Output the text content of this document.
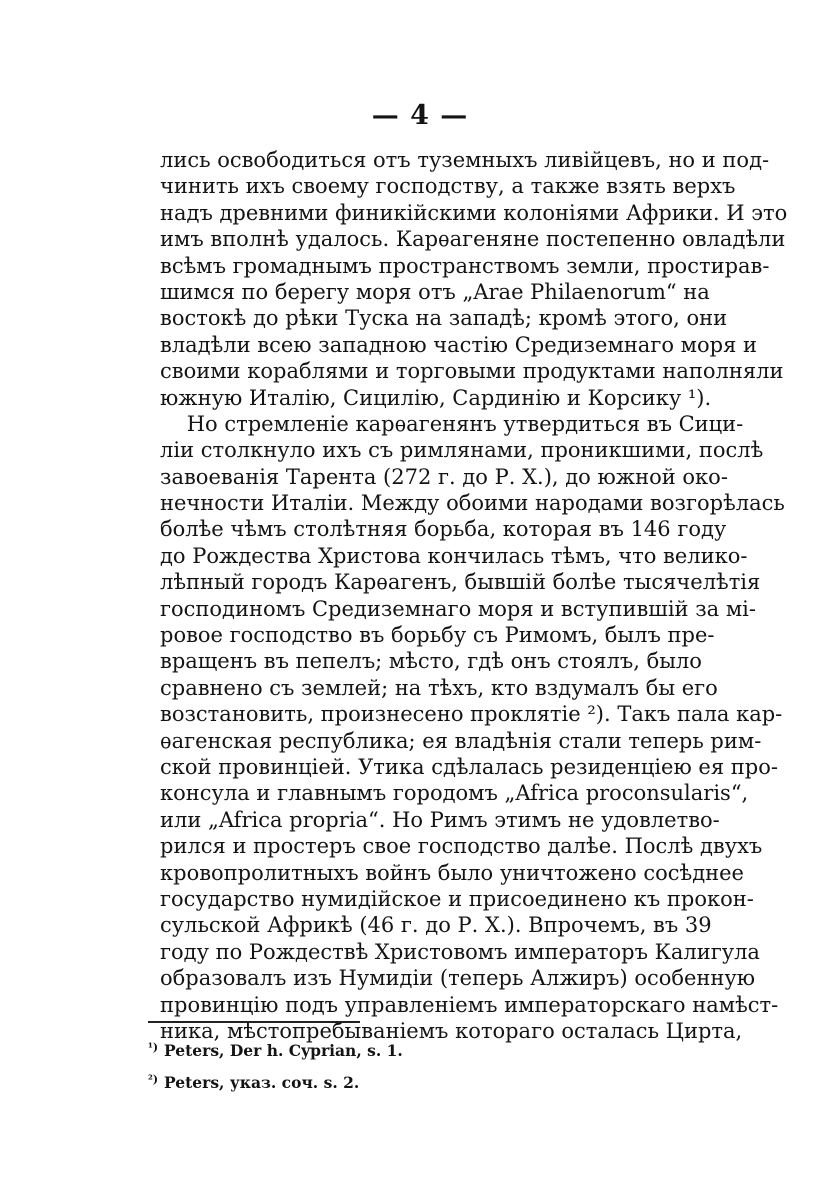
— 4 —
лись освободиться отъ туземныхъ ливійцевъ, но и под-
чинить ихъ своему господству, а также взять верхъ
надъ древними финикійскими колоніями Африки. И это
имъ вполнѣ удалось. Карѳагеняне постепенно овладѣли
всѣмъ громаднымъ пространствомъ земли, простирав-
шимся по берегу моря отъ „Arae Philaenorum“ на
востокѣ до рѣки Туска на западѣ; кромѣ этого, они
владѣли всею западною частію Средиземнаго моря и
своими кораблями и торговыми продуктами наполняли
южную Италію, Сицилію, Сардинію и Корсику ¹).
Но стремленіе карѳагенянъ утвердиться въ Сици-
ліи столкнуло ихъ съ римлянами, проникшими, послѣ
завоеванія Тарента (272 г. до Р. Х.), до южной око-
нечности Италіи. Между обоими народами возгорѣлась
болѣе чѣмъ столѣтняя борьба, которая въ 146 году
до Рождества Христова кончилась тѣмъ, что велико-
лѣпный городъ Карѳагенъ, бывшій болѣе тысячелѣтія
господиномъ Средиземнаго моря и вступившій за мі-
ровое господство въ борьбу съ Римомъ, былъ пре-
вращенъ въ пепелъ; мѣсто, гдѣ онъ стоялъ, было
сравнено съ землей; на тѣхъ, кто вздумалъ бы его
возстановить, произнесено проклятіе ²). Такъ пала кар-
ѳагенская республика; ея владѣнія стали теперь рим-
ской провинціей. Утика сдѣлалась резиденціею ея про-
консула и главнымъ городомъ „Africa proconsularis“,
или „Africa propria“. Но Римъ этимъ не удовлетво-
рился и простеръ свое господство далѣе. Послѣ двухъ
кровопролитныхъ войнъ было уничтожено сосѣднее
государство нумидійское и присоединено къ прокон-
сульской Африкѣ (46 г. до Р. Х.). Впрочемъ, въ 39
году по Рождествѣ Христовомъ императоръ Калигула
образовалъ изъ Нумидіи (теперь Алжиръ) особенную
провинцію подъ управленіемъ императорскаго намѣст-
ника, мѣстопребываніемъ котораго осталась Цирта,
$^{^1)}$ Peters, Der h. Cyprian, s. 1.
$^{^2)}$ Peters, указ. соч. s. 2.
